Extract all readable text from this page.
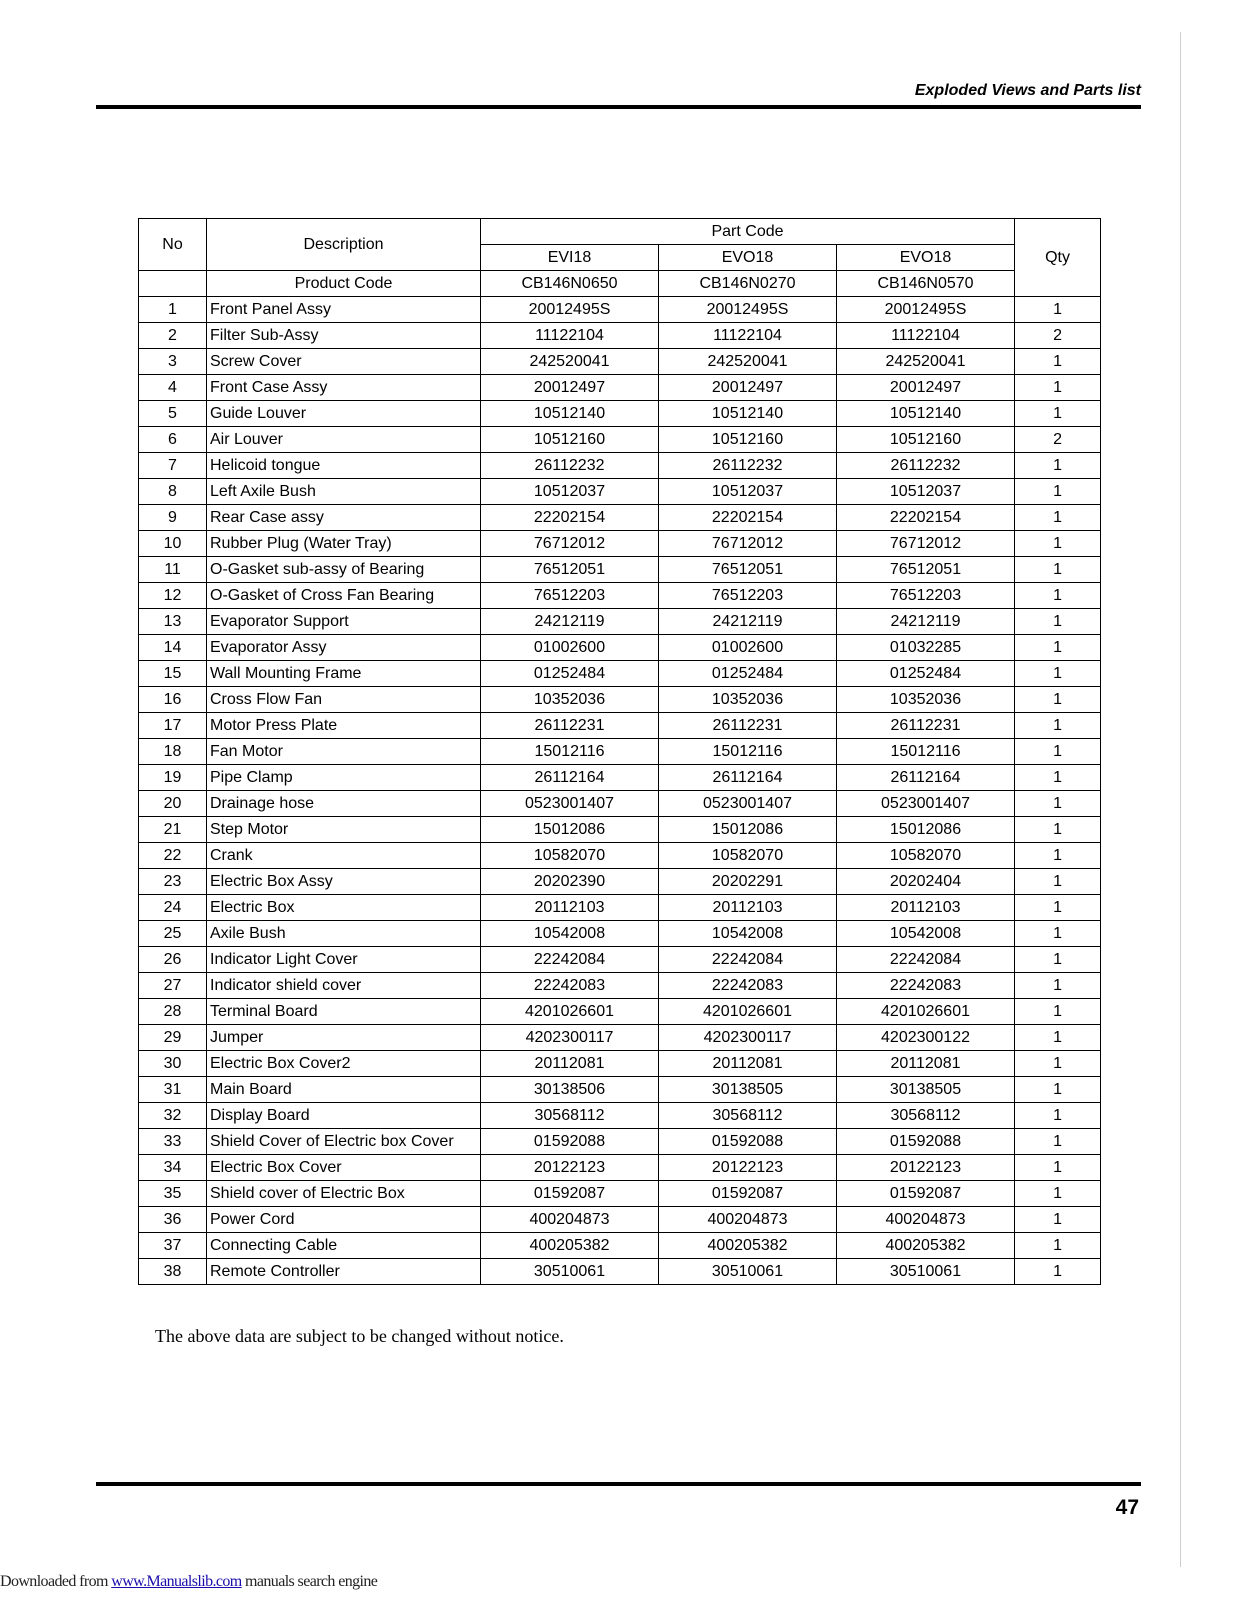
Exploded Views and Parts list
No	Description	Part Code			Qty
		EVI18	EVO18	EVO18	
	Product Code	CB146N0650	CB146N0270	CB146N0570	
1	Front Panel Assy	20012495S	20012495S	20012495S	1
2	Filter Sub-Assy	11122104	11122104	11122104	2
3	Screw Cover	242520041	242520041	242520041	1
4	Front Case Assy	20012497	20012497	20012497	1
5	Guide Louver	10512140	10512140	10512140	1
6	Air Louver	10512160	10512160	10512160	2
7	Helicoid tongue	26112232	26112232	26112232	1
8	Left Axile Bush	10512037	10512037	10512037	1
9	Rear Case assy	22202154	22202154	22202154	1
10	Rubber Plug (Water Tray)	76712012	76712012	76712012	1
11	O-Gasket sub-assy of Bearing	76512051	76512051	76512051	1
12	O-Gasket of Cross Fan Bearing	76512203	76512203	76512203	1
13	Evaporator Support	24212119	24212119	24212119	1
14	Evaporator Assy	01002600	01002600	01032285	1
15	Wall Mounting Frame	01252484	01252484	01252484	1
16	Cross Flow Fan	10352036	10352036	10352036	1
17	Motor Press Plate	26112231	26112231	26112231	1
18	Fan Motor	15012116	15012116	15012116	1
19	Pipe Clamp	26112164	26112164	26112164	1
20	Drainage hose	0523001407	0523001407	0523001407	1
21	Step Motor	15012086	15012086	15012086	1
22	Crank	10582070	10582070	10582070	1
23	Electric Box Assy	20202390	20202291	20202404	1
24	Electric Box	20112103	20112103	20112103	1
25	Axile Bush	10542008	10542008	10542008	1
26	Indicator Light Cover	22242084	22242084	22242084	1
27	Indicator shield cover	22242083	22242083	22242083	1
28	Terminal Board	4201026601	4201026601	4201026601	1
29	Jumper	4202300117	4202300117	4202300122	1
30	Electric Box Cover2	20112081	20112081	20112081	1
31	Main Board	30138506	30138505	30138505	1
32	Display Board	30568112	30568112	30568112	1
33	Shield Cover of Electric box Cover	01592088	01592088	01592088	1
34	Electric Box Cover	20122123	20122123	20122123	1
35	Shield cover of Electric Box	01592087	01592087	01592087	1
36	Power Cord	400204873	400204873	400204873	1
37	Connecting Cable	400205382	400205382	400205382	1
38	Remote Controller	30510061	30510061	30510061	1
The above data are subject to be changed without notice.
47
Downloaded from www.Manualslib.com manuals search engine
